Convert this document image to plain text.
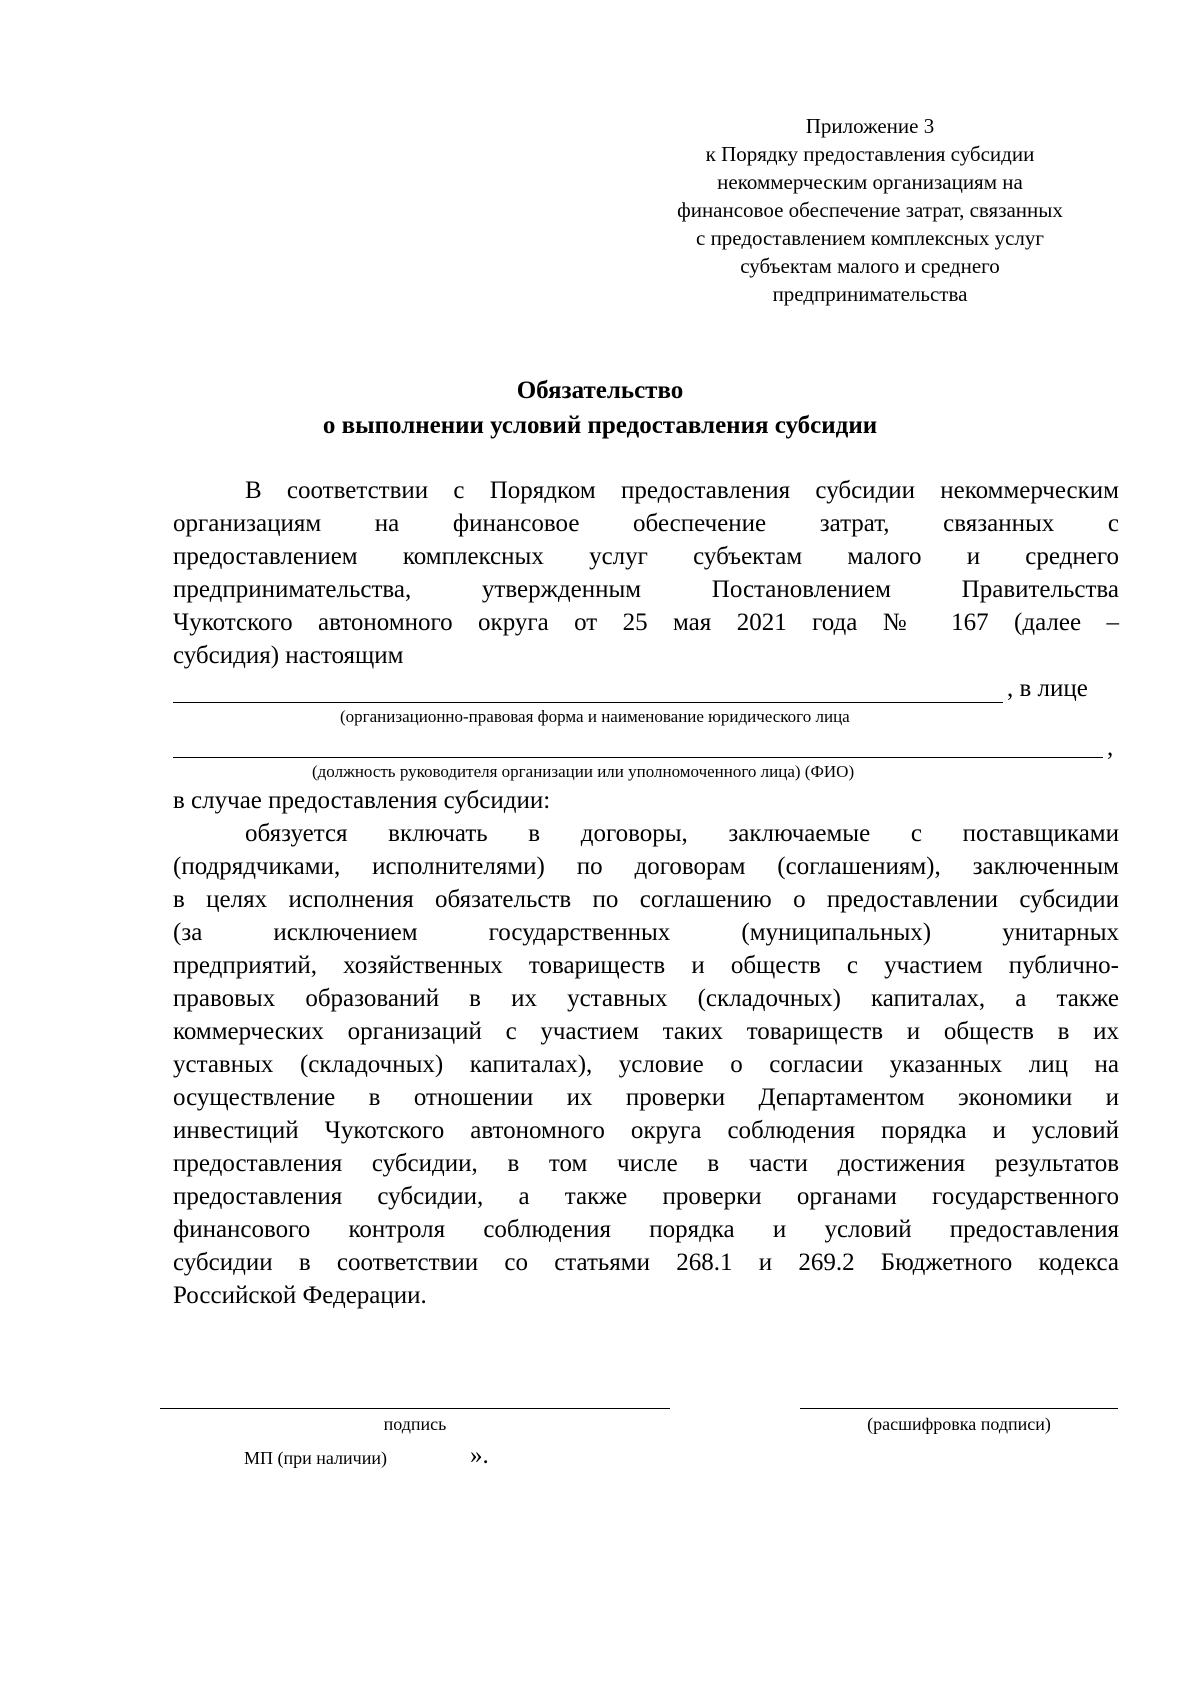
Приложение 3
к Порядку предоставления субсидии
некоммерческим организациям на
финансовое обеспечение затрат, связанных
с предоставлением комплексных услуг
субъектам малого и среднего
предпринимательства
Обязательство
о выполнении условий предоставления субсидии
В соответствии с Порядком предоставления субсидии некоммерческим
организациям на финансовое обеспечение затрат, связанных с
предоставлением комплексных услуг субъектам малого и среднего
предпринимательства, утвержденным Постановлением Правительства
Чукотского автономного округа от 25 мая 2021 года № 167 (далее –
субсидия) настоящим
, в лице
(организационно-правовая форма и наименование юридического лица
,
(должность руководителя организации или уполномоченного лица) (ФИО)
в случае предоставления субсидии:
обязуется включать в договоры, заключаемые с поставщиками
(подрядчиками, исполнителями) по договорам (соглашениям), заключенным
в целях исполнения обязательств по соглашению о предоставлении субсидии
(за исключением государственных (муниципальных) унитарных
предприятий, хозяйственных товариществ и обществ с участием публично-
правовых образований в их уставных (складочных) капиталах, а также
коммерческих организаций с участием таких товариществ и обществ в их
уставных (складочных) капиталах), условие о согласии указанных лиц на
осуществление в отношении их проверки Департаментом экономики и
инвестиций Чукотского автономного округа соблюдения порядка и условий
предоставления субсидии, в том числе в части достижения результатов
предоставления субсидии, а также проверки органами государственного
финансового контроля соблюдения порядка и условий предоставления
субсидии в соответствии со статьями 268.1 и 269.2 Бюджетного кодекса
Российской Федерации.
подпись	(расшифровка подписи)
МП (при наличии)	».
